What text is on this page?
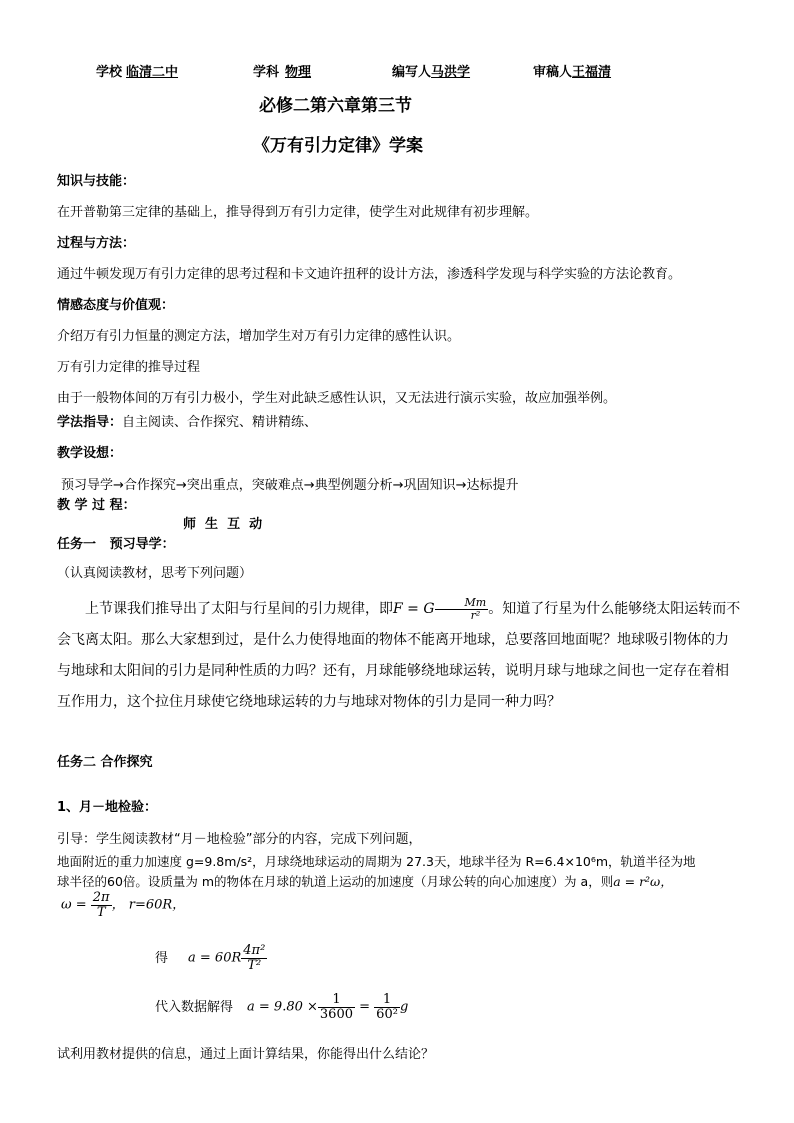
学校 临清二中	学科 物理	编写人马洪学	审稿人王福清
必修二第六章第三节
《万有引力定律》学案
知识与技能：
在开普勒第三定律的基础上，推导得到万有引力定律，使学生对此规律有初步理解。
过程与方法：
通过牛顿发现万有引力定律的思考过程和卡文迪许扭秤的设计方法，渗透科学发现与科学实验的方法论教育。
情感态度与价值观：
介绍万有引力恒量的测定方法，增加学生对万有引力定律的感性认识。
万有引力定律的推导过程
由于一般物体间的万有引力极小，学生对此缺乏感性认识，又无法进行演示实验，故应加强举例。
学法指导：自主阅读、合作探究、精讲精练、
教学设想：
预习导学→合作探究→突出重点，突破难点→典型例题分析→巩固知识→达标提升
教 学 过 程：
师  生  互  动
任务一   预习导学：
（认真阅读教材，思考下列问题）
上节课我们推导出了太阳与行星间的引力规律，即F = G $\frac{Mm}{\text{r²}}$ 。知道了行星为什么能够绕太阳运转而不会飞离太阳。那么大家想到过，是什么力使得地面的物体不能离开地球，总要落回地面呢？地球吸引物体的力与地球和太阳间的引力是同种性质的力吗？还有，月球能够绕地球运转，说明月球与地球之间也一定存在着相互作用力，这个拉住月球使它绕地球运转的力与地球对物体的引力是同一种力吗？
任务二 合作探究
1、月－地检验：
引导：学生阅读教材“月－地检验”部分的内容，完成下列问题，
地面附近的重力加速度 g=9.8m/s²，月球绕地球运动的周期为 27.3天，地球半径为 R=6.4×10⁶m，轨道半径为地
球半径的60倍。设质量为 m的物体在月球的轨道上运动的加速度（月球公转的向心加速度）为 a，则a = r²ω，
$\omega = \frac{2\pi}{T}$ ， r=60R，
得 $a = 60R \frac{\text{4π²}}{\text{T²}}$
代入数据解得 $a = 9.80 \times \frac{1}{3600} = \frac{1}{\text{60²}}$ g
试利用教材提供的信息，通过上面计算结果，你能得出什么结论？
